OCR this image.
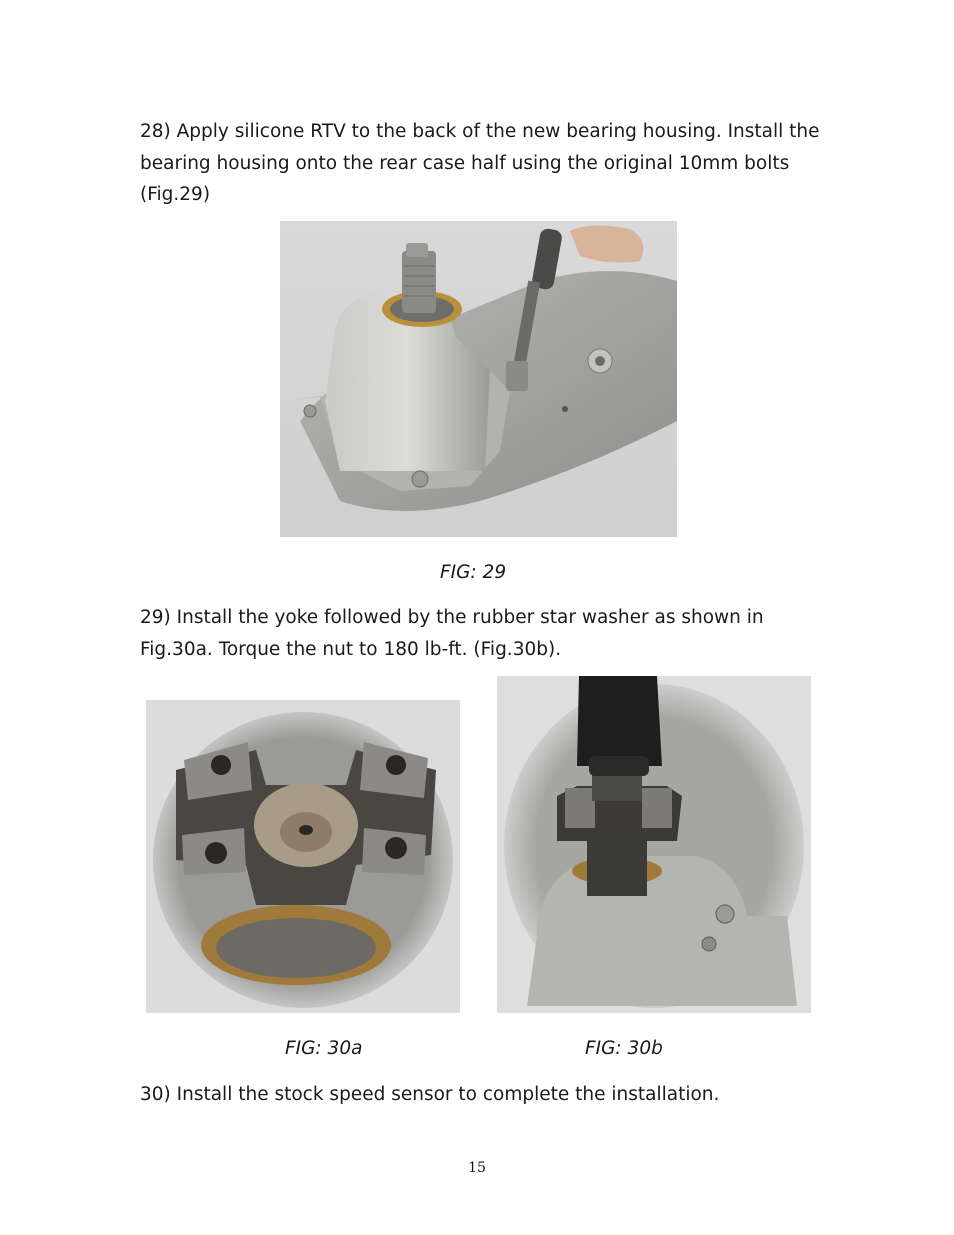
28) Apply silicone RTV to the back of the new bearing housing. Install the bearing housing onto the rear case half using the original 10mm bolts (Fig.29)

FIG: 29

29) Install the yoke followed by the rubber star washer as shown in Fig.30a. Torque the nut to 180 lb-ft. (Fig.30b).

FIG: 30a	FIG: 30b

30) Install the stock speed sensor to complete the installation.

15
